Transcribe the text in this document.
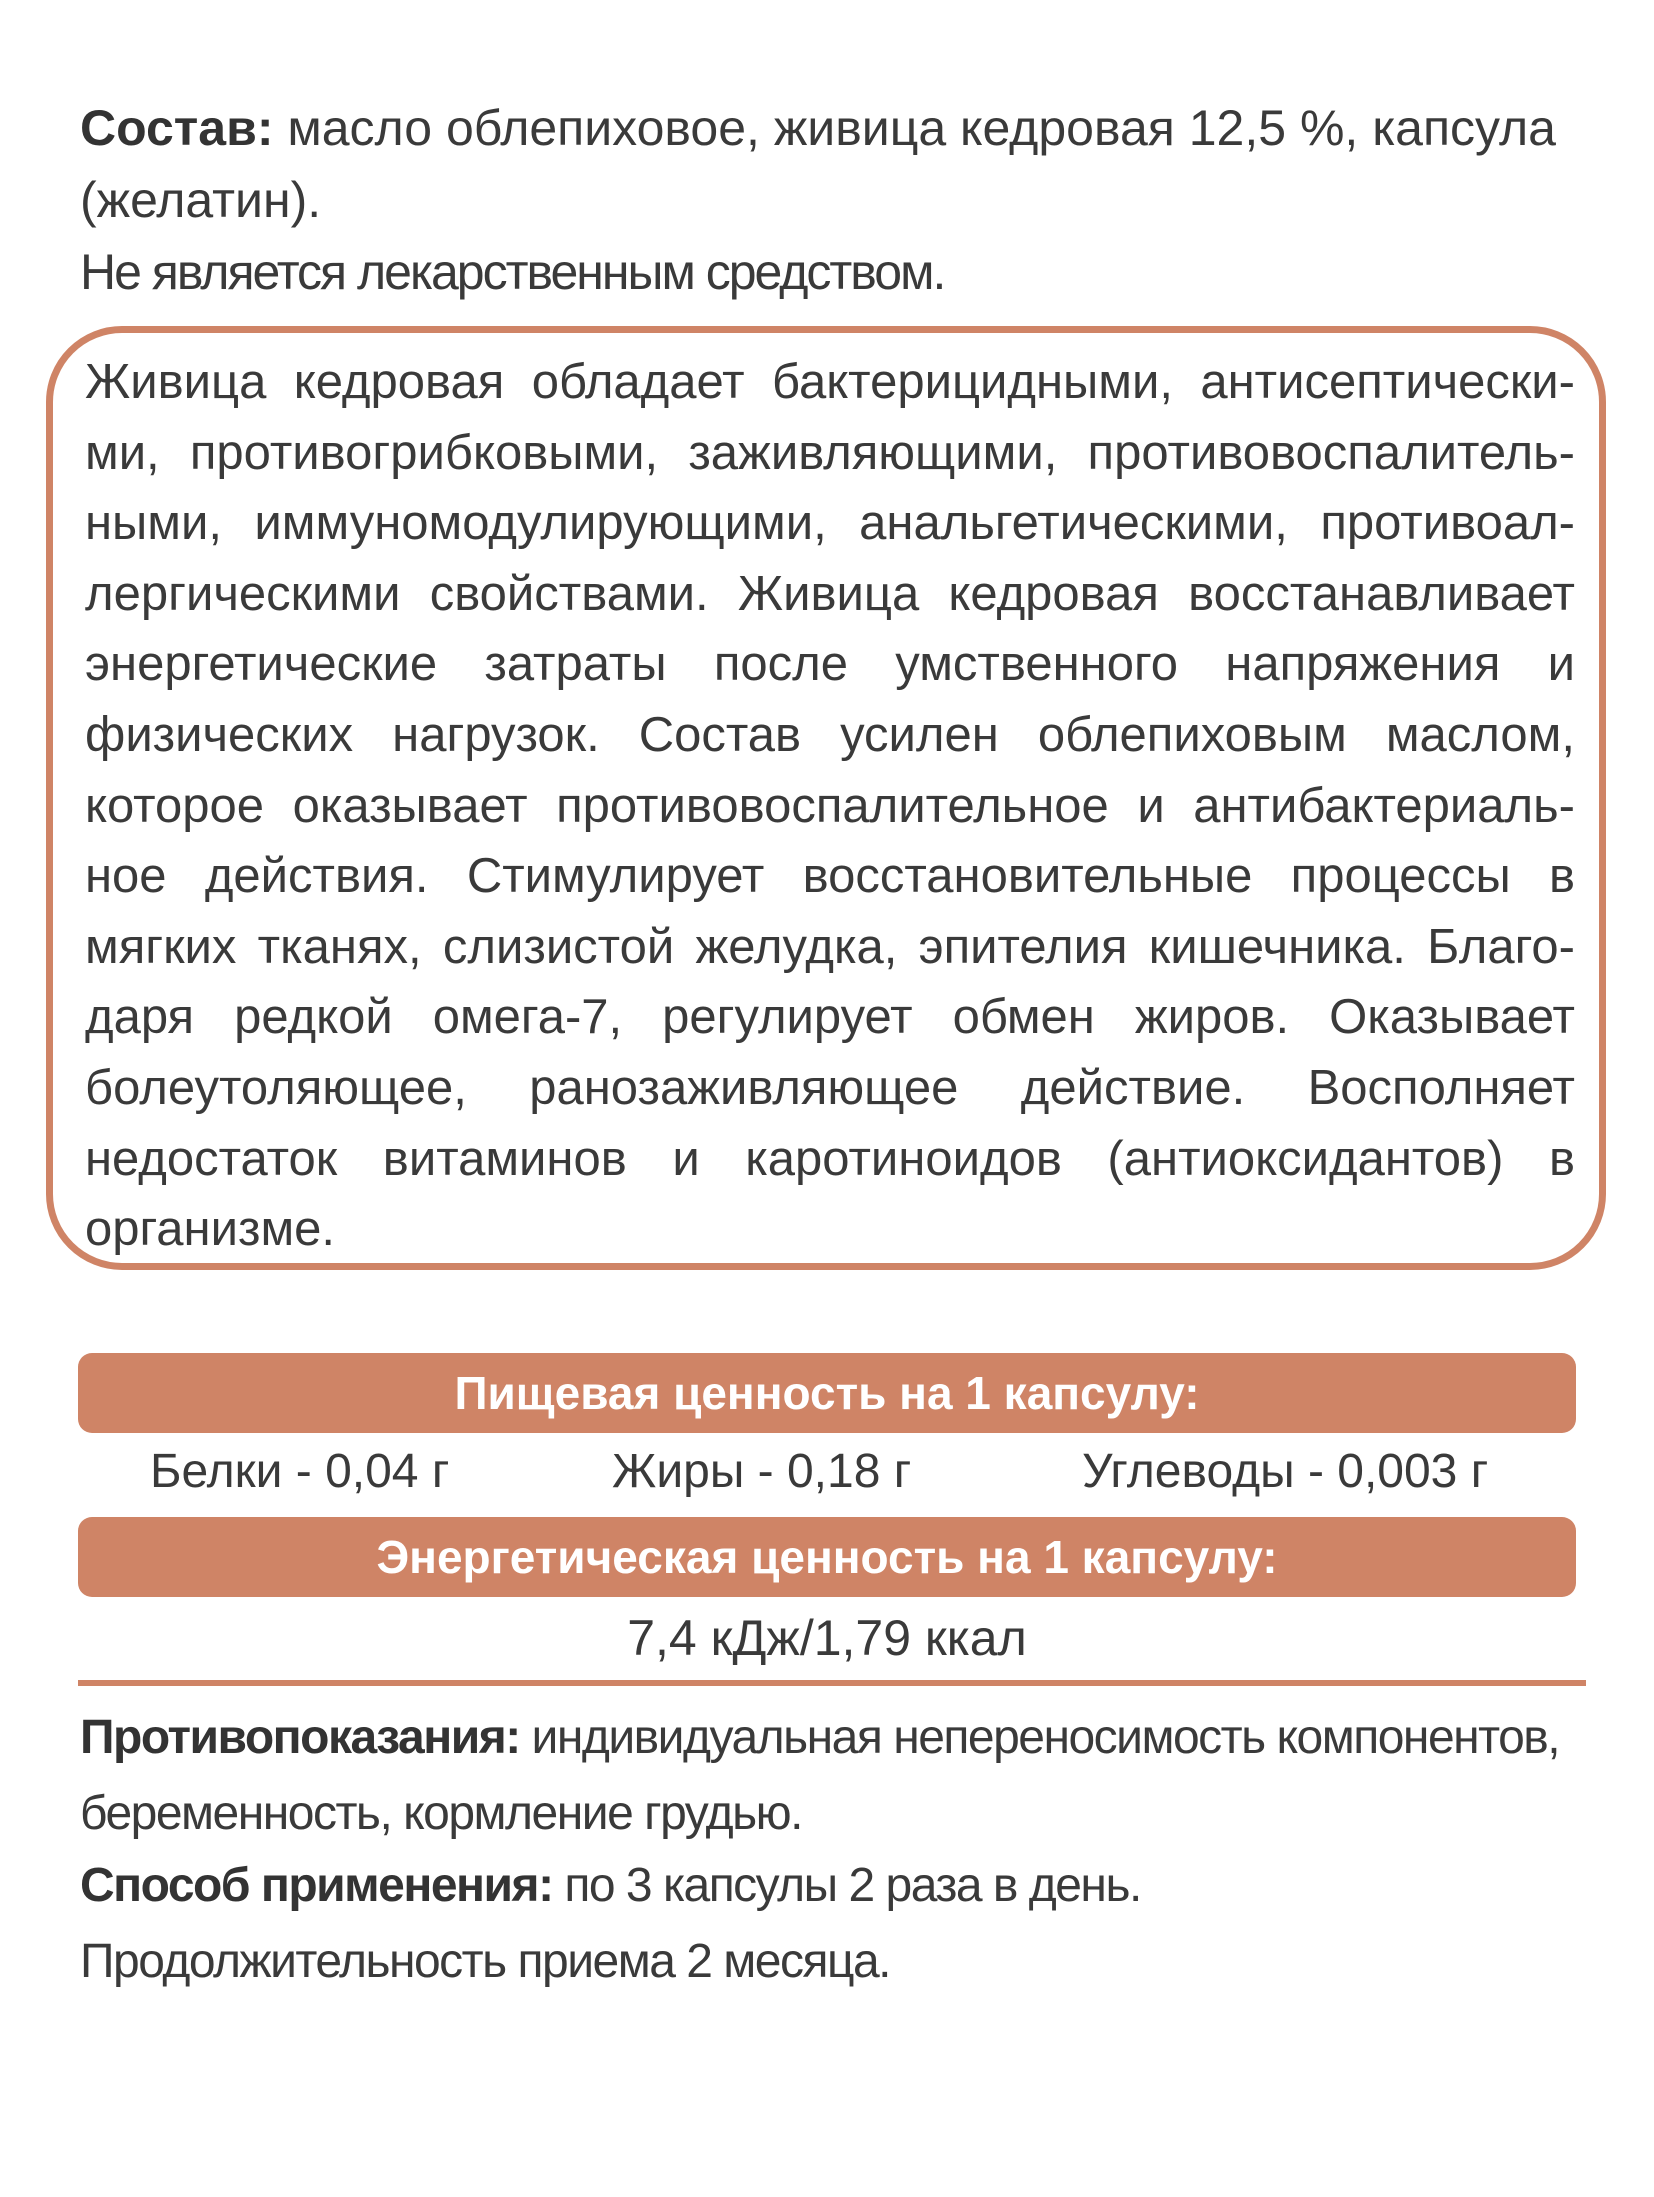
Состав: масло облепиховое, живица кедровая 12,5 %, капсула (желатин).

Не является лекарственным средством.

Живица кедровая обладает бактерицидными, антисептическими, противогрибковыми, заживляющими, противовоспалительными, иммуномодулирующими, анальгетическими, противоаллергическими свойствами. Живица кедровая восстанавливает энергетические затраты после умственного напряжения и физических нагрузок. Состав усилен облепиховым маслом, которое оказывает противовоспалительное и антибактериальное действия. Стимулирует восстановительные процессы в мягких тканях, слизистой желудка, эпителия кишечника. Благодаря редкой омега-7, регулирует обмен жиров. Оказывает болеутоляющее, ранозаживляющее действие. Восполняет недостаток витаминов и каротиноидов (антиоксидантов) в организме.

Пищевая ценность на 1 капсулу:
Белки - 0,04 г	Жиры - 0,18 г	Углеводы - 0,003 г
Энергетическая ценность на 1 капсулу:
7,4 кДж/1,79 ккал

Противопоказания: индивидуальная непереносимость компонентов, беременность, кормление грудью.

Способ применения: по 3 капсулы 2 раза в день. Продолжительность приема 2 месяца.
